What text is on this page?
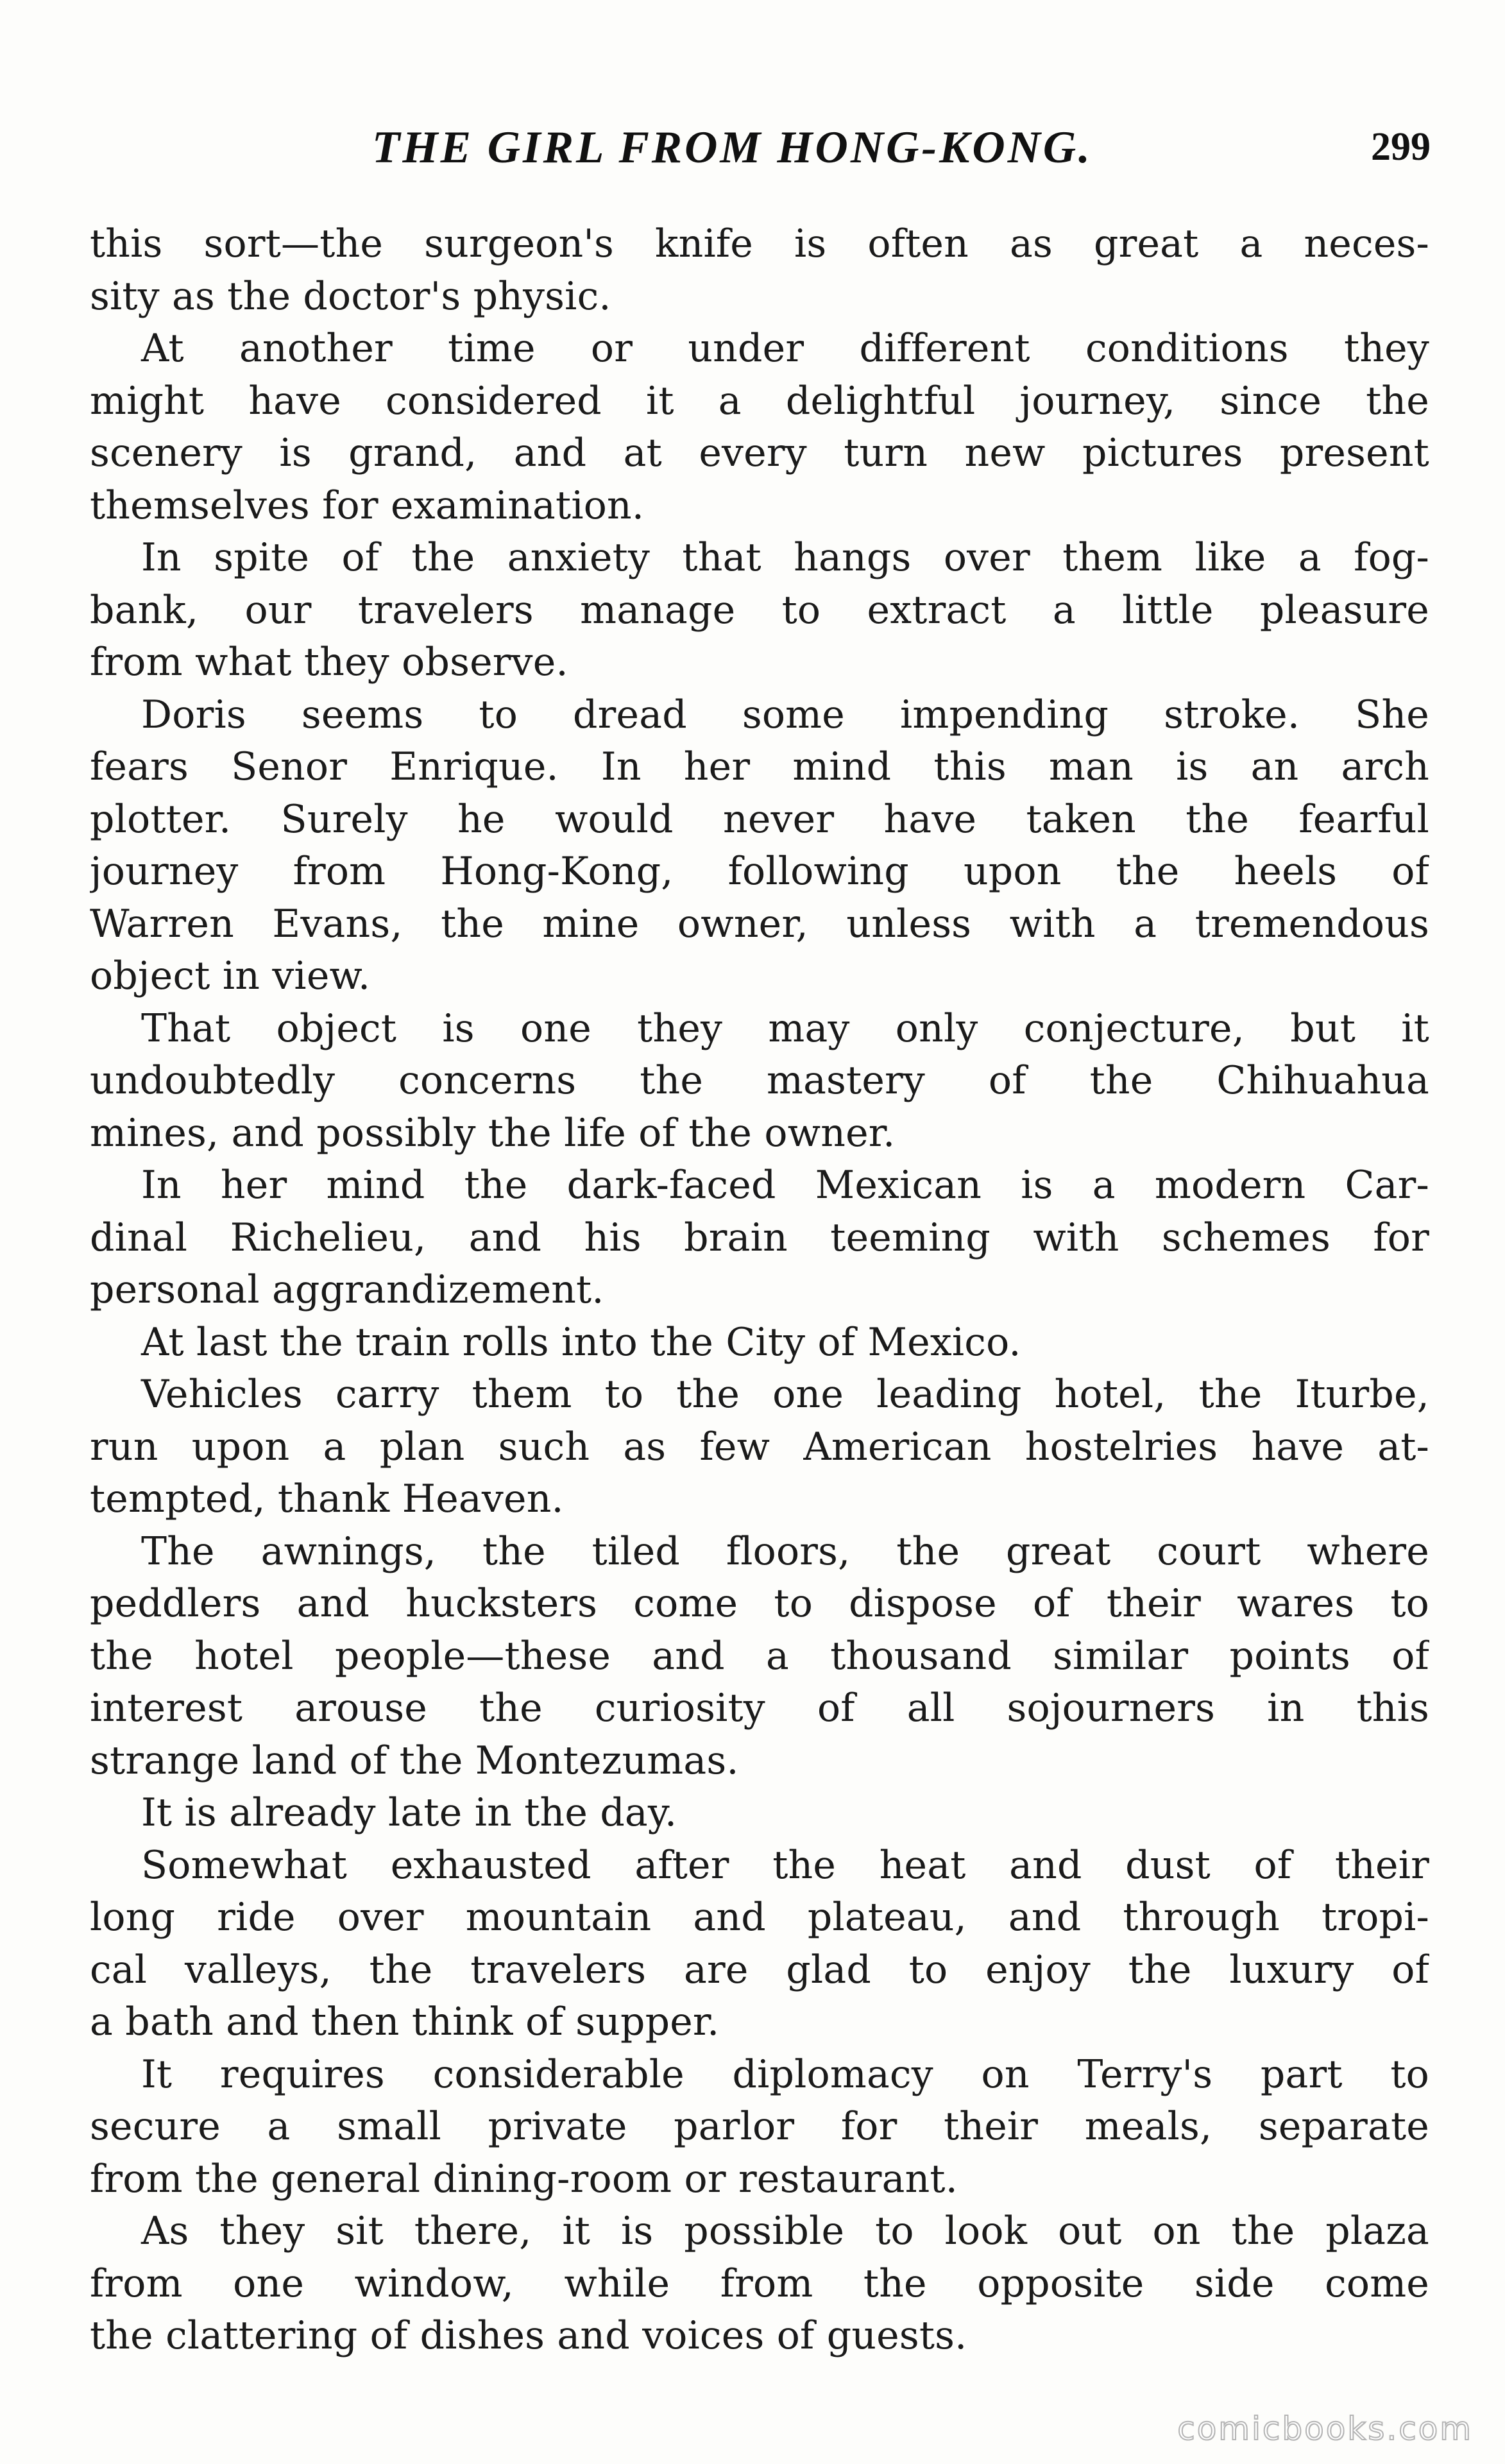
THE GIRL FROM HONG-KONG.	299
this sort—the surgeon's knife is often as great a neces-
sity as the doctor's physic.
At another time or under different conditions they
might have considered it a delightful journey, since the
scenery is grand, and at every turn new pictures present
themselves for examination.
In spite of the anxiety that hangs over them like a fog-
bank, our travelers manage to extract a little pleasure
from what they observe.
Doris seems to dread some impending stroke. She
fears Senor Enrique. In her mind this man is an arch
plotter. Surely he would never have taken the fearful
journey from Hong-Kong, following upon the heels of
Warren Evans, the mine owner, unless with a tremendous
object in view.
That object is one they may only conjecture, but it
undoubtedly concerns the mastery of the Chihuahua
mines, and possibly the life of the owner.
In her mind the dark-faced Mexican is a modern Car-
dinal Richelieu, and his brain teeming with schemes for
personal aggrandizement.
At last the train rolls into the City of Mexico.
Vehicles carry them to the one leading hotel, the Iturbe,
run upon a plan such as few American hostelries have at-
tempted, thank Heaven.
The awnings, the tiled floors, the great court where
peddlers and hucksters come to dispose of their wares to
the hotel people—these and a thousand similar points of
interest arouse the curiosity of all sojourners in this
strange land of the Montezumas.
It is already late in the day.
Somewhat exhausted after the heat and dust of their
long ride over mountain and plateau, and through tropi-
cal valleys, the travelers are glad to enjoy the luxury of
a bath and then think of supper.
It requires considerable diplomacy on Terry's part to
secure a small private parlor for their meals, separate
from the general dining-room or restaurant.
As they sit there, it is possible to look out on the plaza
from one window, while from the opposite side come
the clattering of dishes and voices of guests.
comicbooks.com
